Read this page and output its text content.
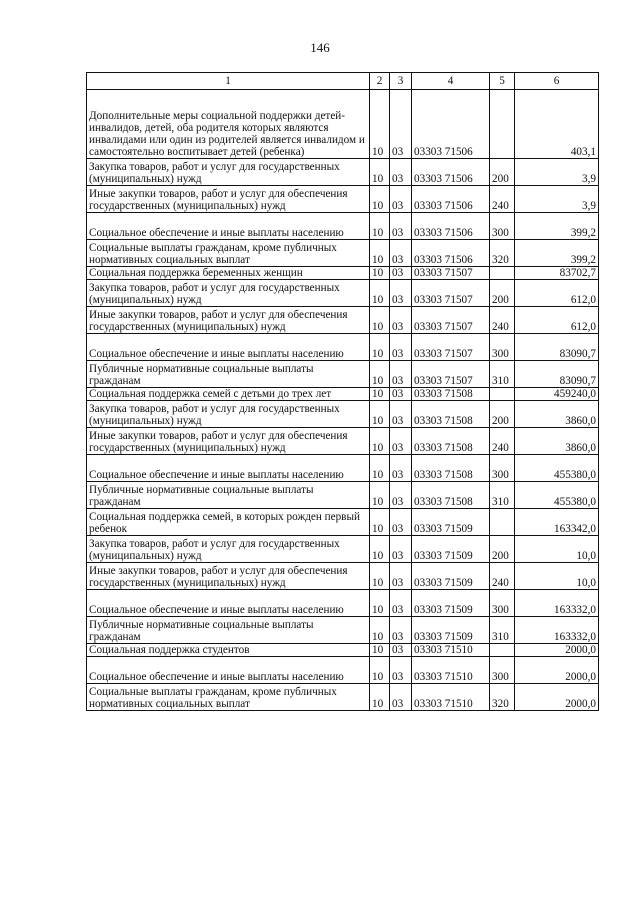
146
1	2	3	4	5	6
Дополнительные меры социальной поддержки детей-инвалидов, детей, оба родителя которых являются инвалидами или один из родителей является инвалидом и самостоятельно воспитывает детей (ребенка)	10	03	03303 71506		403,1
Закупка товаров, работ и услуг для государственных (муниципальных) нужд	10	03	03303 71506	200	3,9
Иные закупки товаров, работ и услуг для обеспечения государственных (муниципальных) нужд	10	03	03303 71506	240	3,9
Социальное обеспечение и иные выплаты населению	10	03	03303 71506	300	399,2
Социальные выплаты гражданам, кроме публичных нормативных социальных выплат	10	03	03303 71506	320	399,2
Социальная поддержка беременных женщин	10	03	03303 71507		83702,7
Закупка товаров, работ и услуг для государственных (муниципальных) нужд	10	03	03303 71507	200	612,0
Иные закупки товаров, работ и услуг для обеспечения государственных (муниципальных) нужд	10	03	03303 71507	240	612,0
Социальное обеспечение и иные выплаты населению	10	03	03303 71507	300	83090,7
Публичные нормативные социальные выплаты гражданам	10	03	03303 71507	310	83090,7
Социальная поддержка семей с детьми до трех лет	10	03	03303 71508		459240,0
Закупка товаров, работ и услуг для государственных (муниципальных) нужд	10	03	03303 71508	200	3860,0
Иные закупки товаров, работ и услуг для обеспечения государственных (муниципальных) нужд	10	03	03303 71508	240	3860,0
Социальное обеспечение и иные выплаты населению	10	03	03303 71508	300	455380,0
Публичные нормативные социальные выплаты гражданам	10	03	03303 71508	310	455380,0
Социальная поддержка семей, в которых рожден первый ребенок	10	03	03303 71509		163342,0
Закупка товаров, работ и услуг для государственных (муниципальных) нужд	10	03	03303 71509	200	10,0
Иные закупки товаров, работ и услуг для обеспечения государственных (муниципальных) нужд	10	03	03303 71509	240	10,0
Социальное обеспечение и иные выплаты населению	10	03	03303 71509	300	163332,0
Публичные нормативные социальные выплаты гражданам	10	03	03303 71509	310	163332,0
Социальная поддержка студентов	10	03	03303 71510		2000,0
Социальное обеспечение и иные выплаты населению	10	03	03303 71510	300	2000,0
Социальные выплаты гражданам, кроме публичных нормативных социальных выплат	10	03	03303 71510	320	2000,0
